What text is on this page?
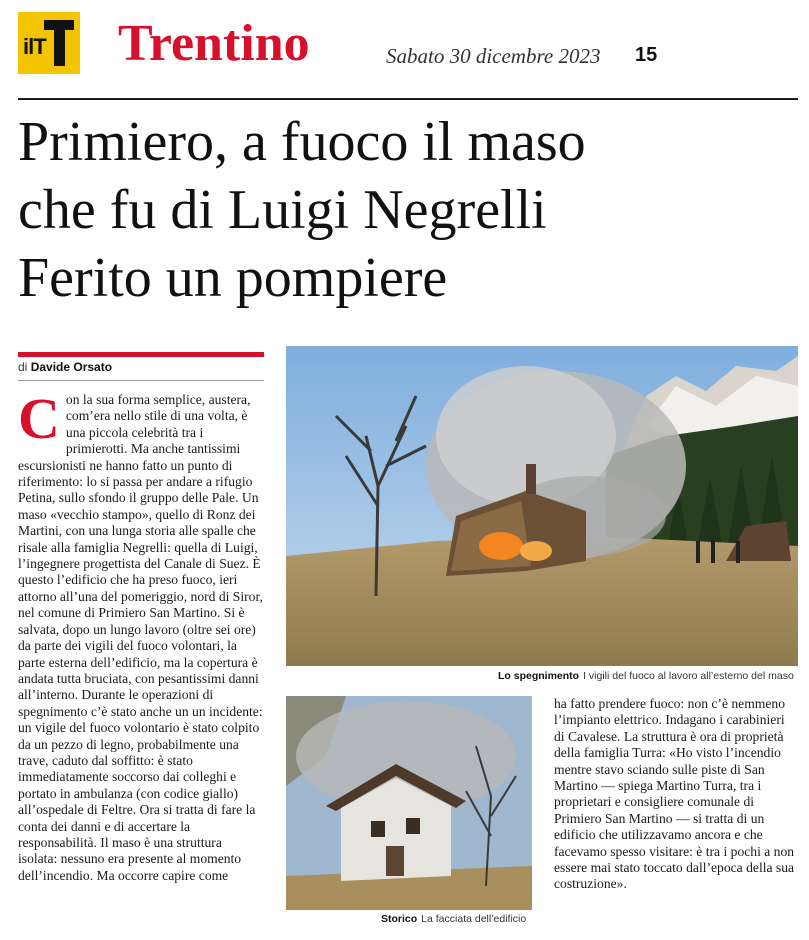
ilT Trentino	Sabato 30 dicembre 2023 15
Primiero, a fuoco il maso
che fu di Luigi Negrelli
Ferito un pompiere
di Davide Orsato
Con la sua forma semplice, austera, com’era nello stile di una volta, è una piccola celebrità tra i primierotti. Ma anche tantissimi escursionisti ne hanno fatto un punto di riferimento: lo si passa per andare a rifugio Petina, sullo sfondo il gruppo delle Pale. Un maso «vecchio stampo», quello di Ronz dei Martini, con una lunga storia alle spalle che risale alla famiglia Negrelli: quella di Luigi, l’ingegnere progettista del Canale di Suez. È questo l’edificio che ha preso fuoco, ieri attorno all’una del pomeriggio, nord di Siror, nel comune di Primiero San Martino. Si è salvata, dopo un lungo lavoro (oltre sei ore) da parte dei vigili del fuoco volontari, la parte esterna dell’edificio, ma la copertura è andata tutta bruciata, con pesantissimi danni all’interno. Durante le operazioni di spegnimento c’è stato anche un un incidente: un vigile del fuoco volontario è stato colpito da un pezzo di legno, probabilmente una trave, caduto dal soffitto: è stato immediatamente soccorso dai colleghi e portato in ambulanza (con codice giallo) all’ospedale di Feltre. Ora si tratta di fare la conta dei danni e di accertare la responsabilità. Il maso è una struttura isolata: nessuno era presente al momento dell’incendio. Ma occorre capire come
Lo spegnimento I vigili del fuoco al lavoro all’esterno del maso
Storico La facciata dell’edificio
ha fatto prendere fuoco: non c’è nemmeno l’impianto elettrico. Indagano i carabinieri di Cavalese. La struttura è ora di proprietà della famiglia Turra: «Ho visto l’incendio mentre stavo sciando sulle piste di San Martino — spiega Martino Turra, tra i proprietari e consigliere comunale di Primiero San Martino — si tratta di un edificio che utilizzavamo ancora e che facevamo spesso visitare: è tra i pochi a non essere mai stato toccato dall’epoca della sua costruzione».
